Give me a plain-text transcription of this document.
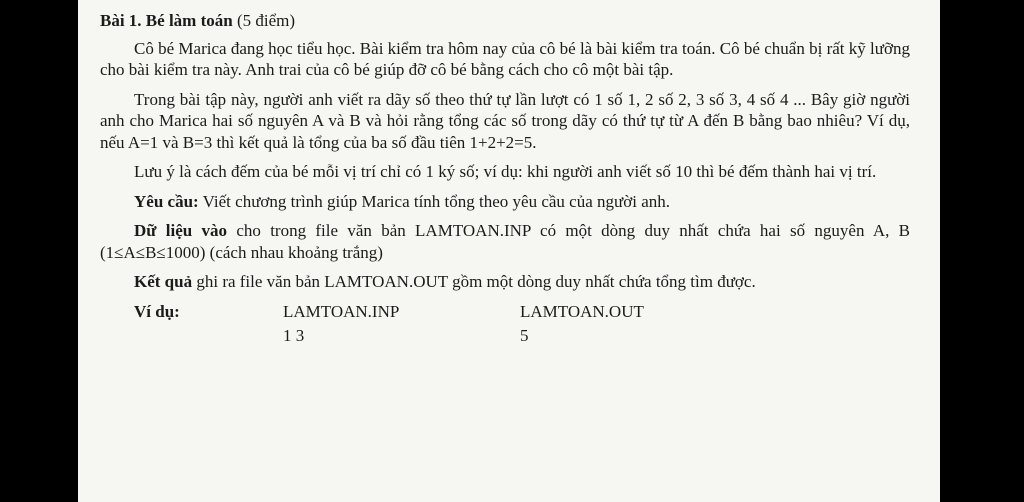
Bài 1. Bé làm toán (5 điểm)
Cô bé Marica đang học tiểu học. Bài kiểm tra hôm nay của cô bé là bài kiểm tra toán. Cô bé chuẩn bị rất kỹ lưỡng cho bài kiểm tra này. Anh trai của cô bé giúp đỡ cô bé bằng cách cho cô một bài tập.
Trong bài tập này, người anh viết ra dãy số theo thứ tự lần lượt có 1 số 1, 2 số 2, 3 số 3, 4 số 4 ... Bây giờ người anh cho Marica hai số nguyên A và B và hỏi rằng tổng các số trong dãy có thứ tự từ A đến B bằng bao nhiêu? Ví dụ, nếu A=1 và B=3 thì kết quả là tổng của ba số đầu tiên 1+2+2=5.
Lưu ý là cách đếm của bé mỗi vị trí chỉ có 1 ký số; ví dụ: khi người anh viết số 10 thì bé đếm thành hai vị trí.
Yêu cầu: Viết chương trình giúp Marica tính tổng theo yêu cầu của người anh.
Dữ liệu vào cho trong file văn bản LAMTOAN.INP có một dòng duy nhất chứa hai số nguyên A, B (1≤A≤B≤1000) (cách nhau khoảng trắng)
Kết quả ghi ra file văn bản LAMTOAN.OUT gồm một dòng duy nhất chứa tổng tìm được.
Ví dụ:	LAMTOAN.INP
1 3
LAMTOAN.OUT
5
